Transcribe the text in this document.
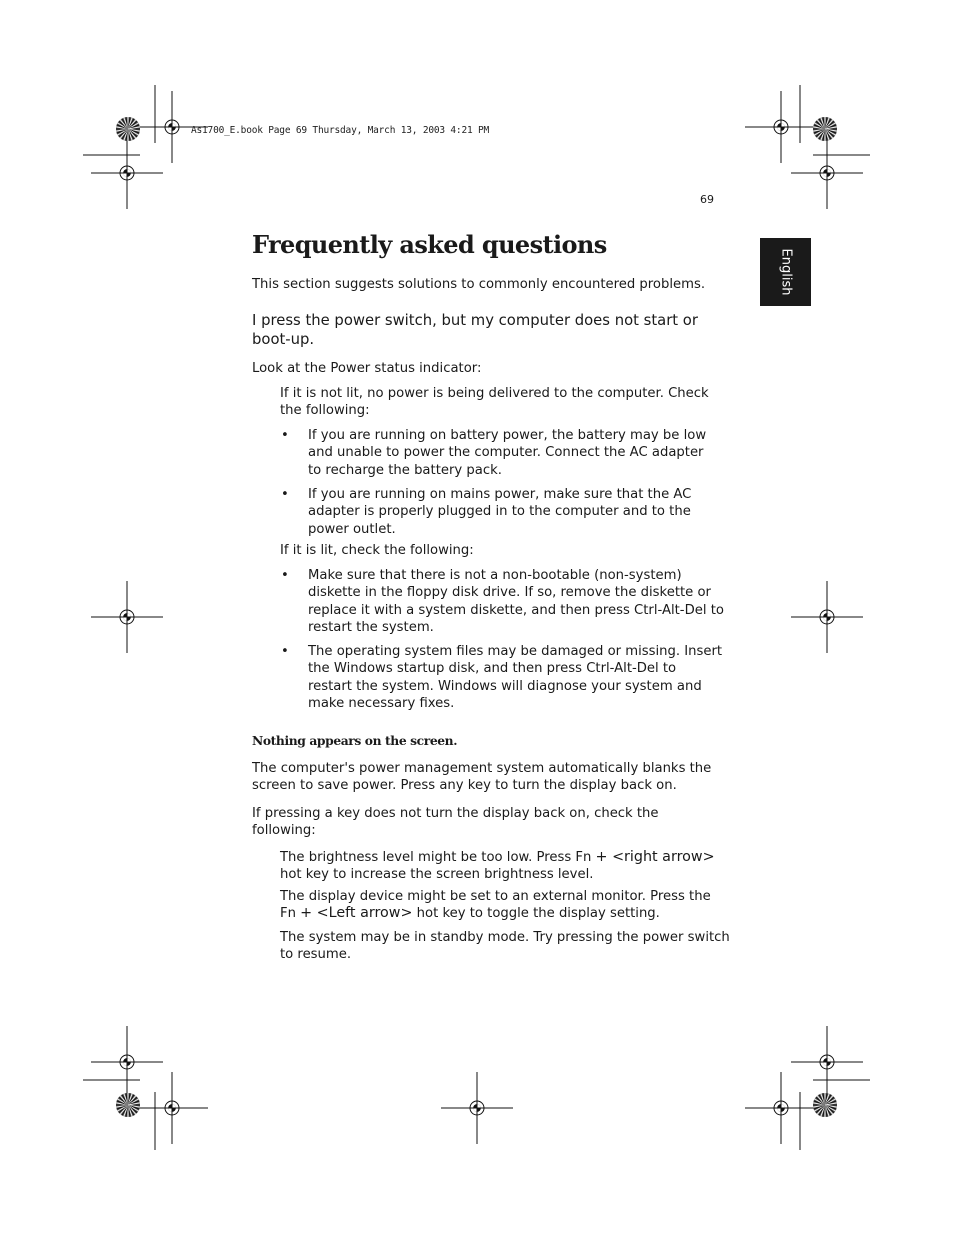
As1700_E.book Page 69 Thursday, March 13, 2003 4:21 PM
69
English
Frequently asked questions
This section suggests solutions to commonly encountered problems.
I press the power switch, but my computer does not start or
boot-up.
Look at the Power status indicator:
If it is not lit, no power is being delivered to the computer. Check
the following:
• If you are running on battery power, the battery may be low
and unable to power the computer. Connect the AC adapter
to recharge the battery pack.
• If you are running on mains power, make sure that the AC
adapter is properly plugged in to the computer and to the
power outlet.
If it is lit, check the following:
• Make sure that there is not a non-bootable (non-system)
diskette in the floppy disk drive. If so, remove the diskette or
replace it with a system diskette, and then press Ctrl-Alt-Del to
restart the system.
• The operating system files may be damaged or missing. Insert
the Windows startup disk, and then press Ctrl-Alt-Del to
restart the system. Windows will diagnose your system and
make necessary fixes.
Nothing appears on the screen.
The computer's power management system automatically blanks the
screen to save power. Press any key to turn the display back on.
If pressing a key does not turn the display back on, check the
following:
The brightness level might be too low. Press Fn + <right arrow>
hot key to increase the screen brightness level.
The display device might be set to an external monitor. Press the
Fn + <Left arrow> hot key to toggle the display setting.
The system may be in standby mode. Try pressing the power switch
to resume.
